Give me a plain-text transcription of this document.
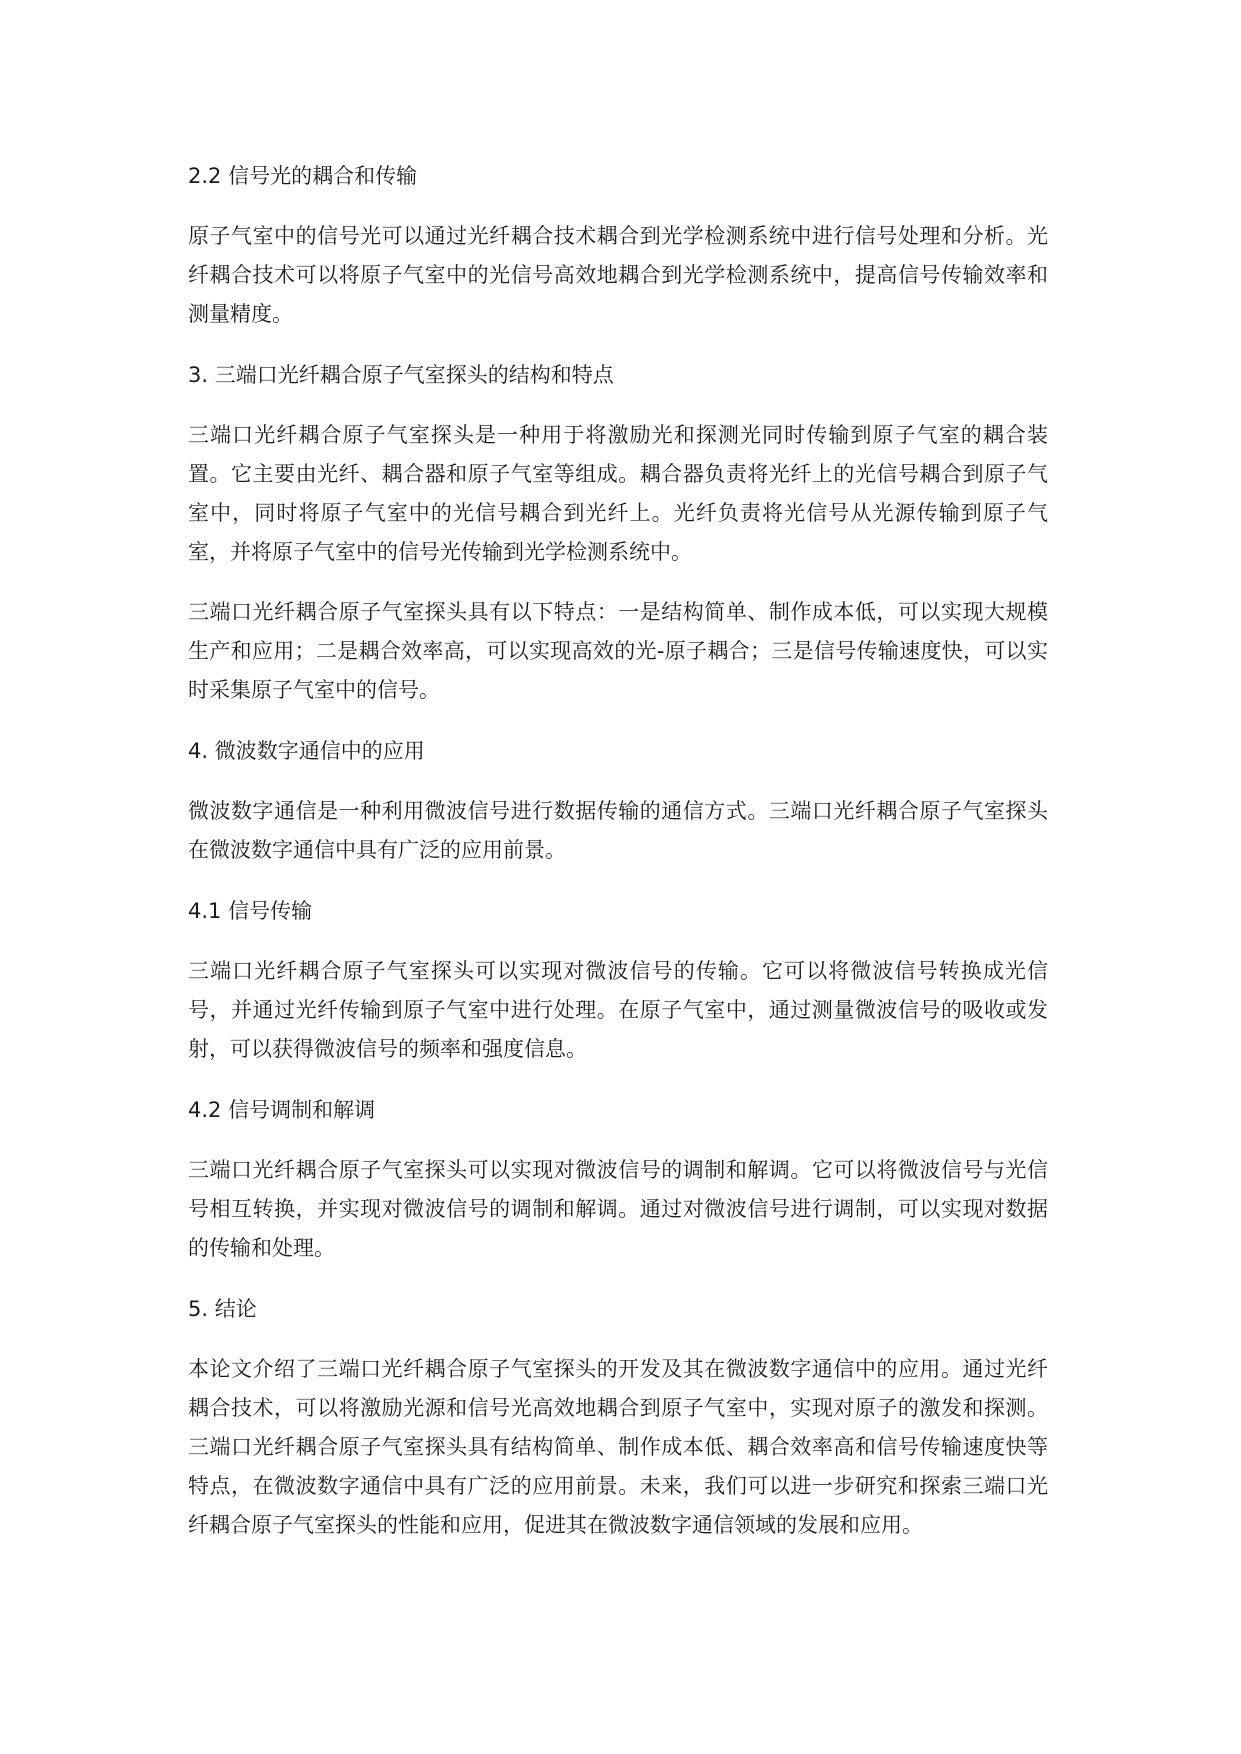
2.2 信号光的耦合和传输
原子气室中的信号光可以通过光纤耦合技术耦合到光学检测系统中进行信号处理和分析。光纤耦合技术可以将原子气室中的光信号高效地耦合到光学检测系统中，提高信号传输效率和测量精度。
3. 三端口光纤耦合原子气室探头的结构和特点
三端口光纤耦合原子气室探头是一种用于将激励光和探测光同时传输到原子气室的耦合装置。它主要由光纤、耦合器和原子气室等组成。耦合器负责将光纤上的光信号耦合到原子气室中，同时将原子气室中的光信号耦合到光纤上。光纤负责将光信号从光源传输到原子气室，并将原子气室中的信号光传输到光学检测系统中。
三端口光纤耦合原子气室探头具有以下特点：一是结构简单、制作成本低，可以实现大规模生产和应用；二是耦合效率高，可以实现高效的光-原子耦合；三是信号传输速度快，可以实时采集原子气室中的信号。
4. 微波数字通信中的应用
微波数字通信是一种利用微波信号进行数据传输的通信方式。三端口光纤耦合原子气室探头在微波数字通信中具有广泛的应用前景。
4.1 信号传输
三端口光纤耦合原子气室探头可以实现对微波信号的传输。它可以将微波信号转换成光信号，并通过光纤传输到原子气室中进行处理。在原子气室中，通过测量微波信号的吸收或发射，可以获得微波信号的频率和强度信息。
4.2 信号调制和解调
三端口光纤耦合原子气室探头可以实现对微波信号的调制和解调。它可以将微波信号与光信号相互转换，并实现对微波信号的调制和解调。通过对微波信号进行调制，可以实现对数据的传输和处理。
5. 结论
本论文介绍了三端口光纤耦合原子气室探头的开发及其在微波数字通信中的应用。通过光纤耦合技术，可以将激励光源和信号光高效地耦合到原子气室中，实现对原子的激发和探测。三端口光纤耦合原子气室探头具有结构简单、制作成本低、耦合效率高和信号传输速度快等特点，在微波数字通信中具有广泛的应用前景。未来，我们可以进一步研究和探索三端口光纤耦合原子气室探头的性能和应用，促进其在微波数字通信领域的发展和应用。
